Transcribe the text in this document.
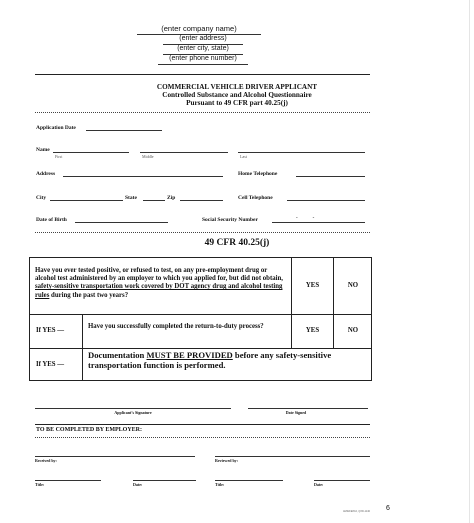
(enter company name)
(enter address)
(enter city, state)
(enter phone number)
COMMERCIAL VEHICLE DRIVER APPLICANT
Controlled Substance and Alcohol Questionnaire
Pursuant to 49 CFR part 40.25(j)
Application Date
Name
First	Middle	Last
Address	Home Telephone
City	State	Zip	Cell Telephone
Date of Birth	Social Security Number	-            -
49 CFR 40.25(j)
Have you ever tested positive, or refused to test, on any pre-employment drug or alcohol test administered by an employer to which you applied for, but did not obtain, safety-sensitive transportation work covered by DOT agency drug and alcohol testing rules during the past two years?
YES	NO
If YES —
Have you successfully completed the return-to-duty process?
YES	NO
If YES —
Documentation MUST BE PROVIDED before any safety-sensitive transportation function is performed.
Applicant’s Signature	Date Signed
TO BE COMPLETED BY EMPLOYER:
Received by:	Reviewed by:
Title:	Date:	Title:	Date:
AMRA/EPAJ, QXD-1140 6
